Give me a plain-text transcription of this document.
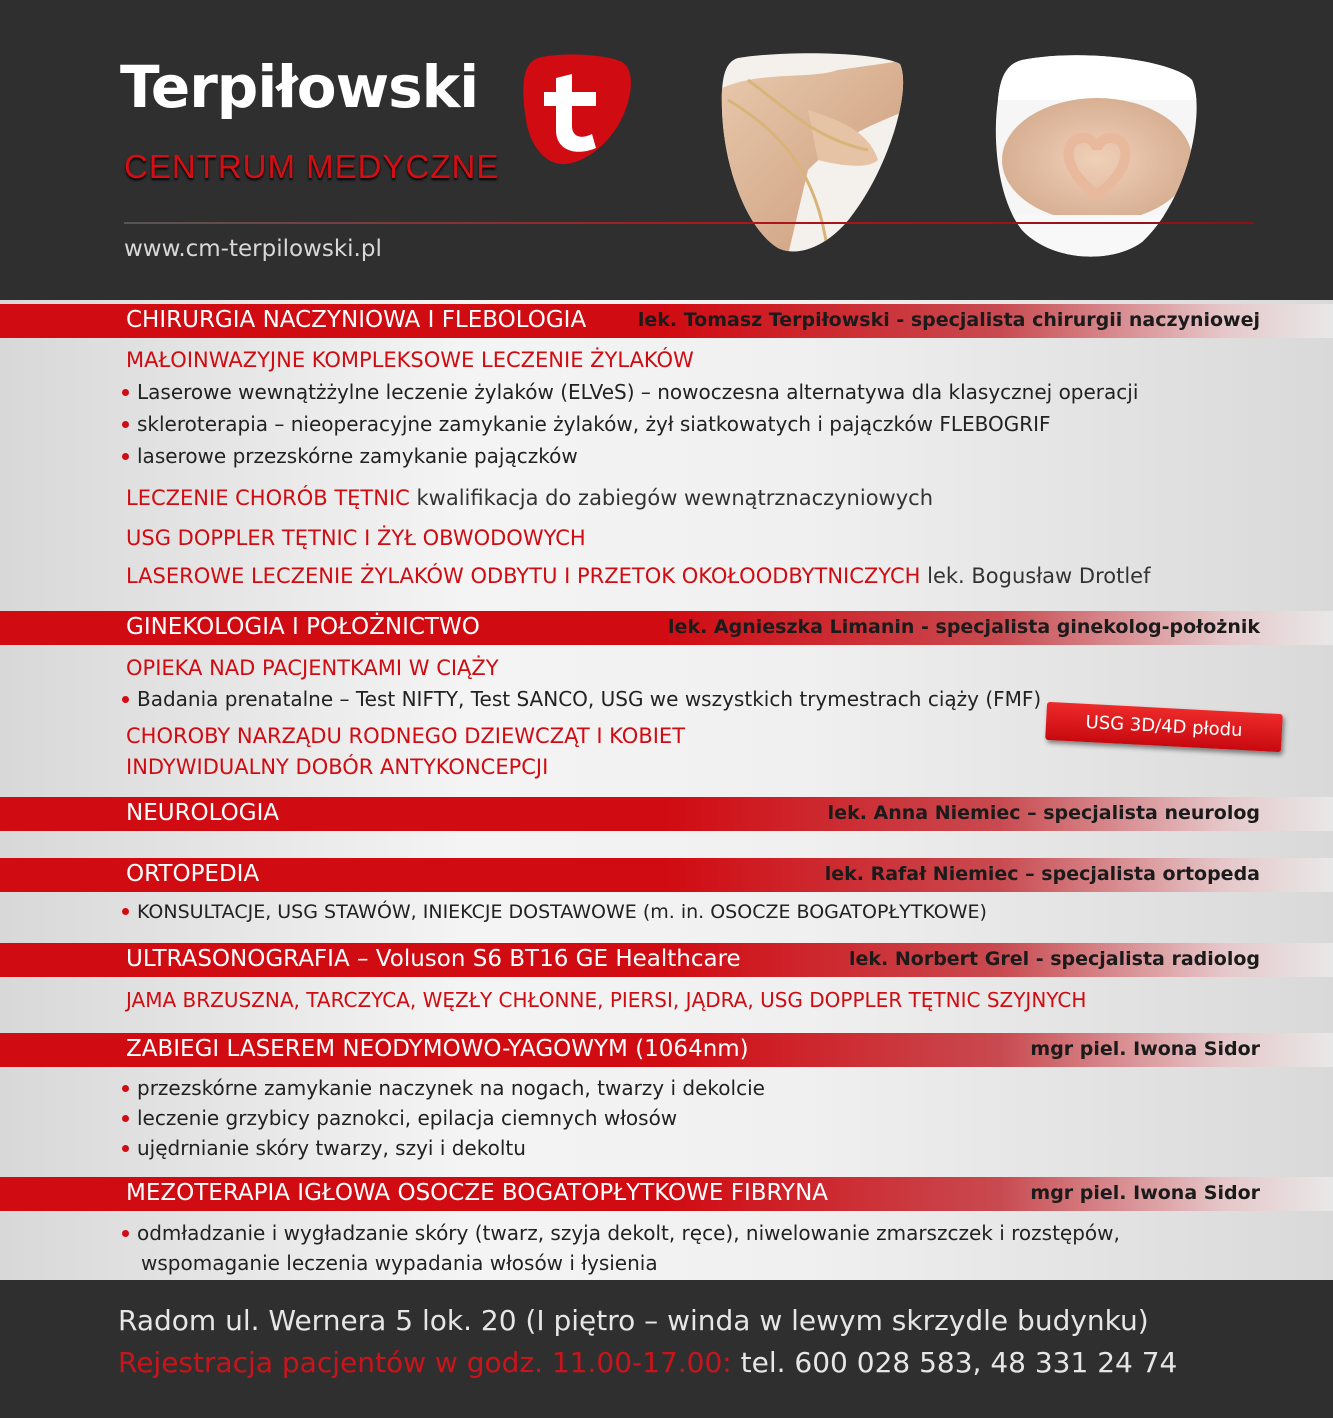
Terpiłowski
CENTRUM MEDYCZNE
www.cm-terpilowski.pl
CHIRURGIA NACZYNIOWA I FLEBOLOGIA	lek. Tomasz Terpiłowski - specjalista chirurgii naczyniowej
MAŁOINWAZYJNE KOMPLEKSOWE LECZENIE ŻYLAKÓW
Laserowe wewnątżżylne leczenie żylaków (ELVeS) – nowoczesna alternatywa dla klasycznej operacji
skleroterapia – nieoperacyjne zamykanie żylaków, żył siatkowatych i pajączków FLEBOGRIF
laserowe przezskórne zamykanie pajączków
LECZENIE CHORÓB TĘTNIC kwalifikacja do zabiegów wewnątrznaczyniowych
USG DOPPLER TĘTNIC I ŻYŁ OBWODOWYCH
LASEROWE LECZENIE ŻYLAKÓW ODBYTU I PRZETOK OKOŁOODBYTNICZYCH lek. Bogusław Drotlef
GINEKOLOGIA I POŁOŻNICTWO	lek. Agnieszka Limanin - specjalista ginekolog-położnik
OPIEKA NAD PACJENTKAMI W CIĄŻY
Badania prenatalne – Test NIFTY, Test SANCO, USG we wszystkich trymestrach ciąży (FMF)
CHOROBY NARZĄDU RODNEGO DZIEWCZĄT I KOBIET
INDYWIDUALNY DOBÓR ANTYKONCEPCJI
NEUROLOGIA	lek. Anna Niemiec – specjalista neurolog
ORTOPEDIA	lek. Rafał Niemiec – specjalista ortopeda
KONSULTACJE, USG STAWÓW, INIEKCJE DOSTAWOWE (m. in. OSOCZE BOGATOPŁYTKOWE)
ULTRASONOGRAFIA – Voluson S6 BT16 GE Healthcare	lek. Norbert Grel - specjalista radiolog
JAMA BRZUSZNA, TARCZYCA, WĘZŁY CHŁONNE, PIERSI, JĄDRA, USG DOPPLER TĘTNIC SZYJNYCH
ZABIEGI LASEREM NEODYMOWO-YAGOWYM (1064nm)	mgr piel. Iwona Sidor
przezskórne zamykanie naczynek na nogach, twarzy i dekolcie
leczenie grzybicy paznokci, epilacja ciemnych włosów
ujędrnianie skóry twarzy, szyi i dekoltu
MEZOTERAPIA IGŁOWA OSOCZE BOGATOPŁYTKOWE FIBRYNA	mgr piel. Iwona Sidor
odmładzanie i wygładzanie skóry (twarz, szyja dekolt, ręce), niwelowanie zmarszczek i rozstępów,
wspomaganie leczenia wypadania włosów i łysienia
USG 3D/4D płodu
Radom ul. Wernera 5 lok. 20 (I piętro – winda w lewym skrzydle budynku)
Rejestracja pacjentów w godz. 11.00-17.00: tel. 600 028 583, 48 331 24 74
